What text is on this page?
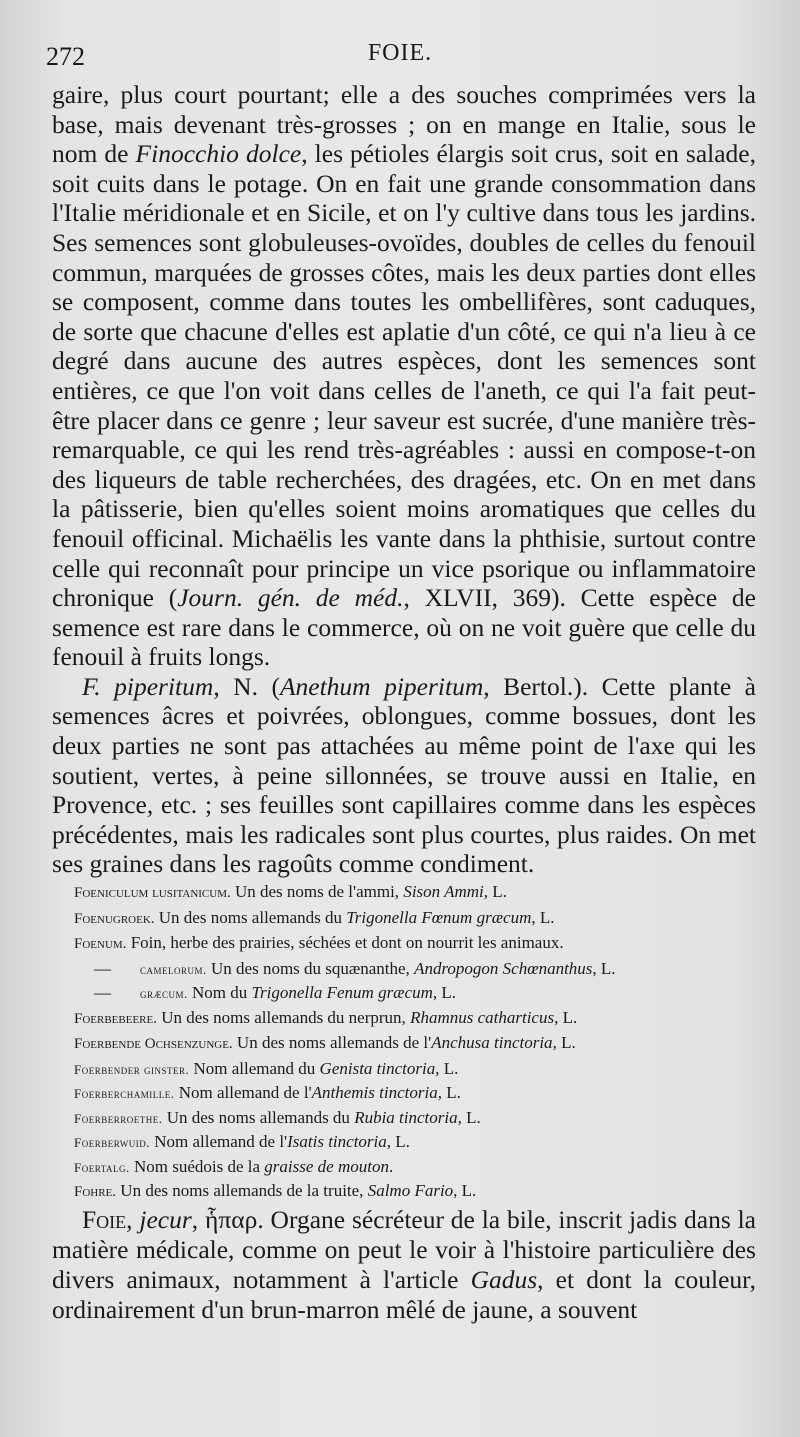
272	FOIE.

gaire, plus court pourtant; elle a des souches comprimées vers la base, mais devenant très-grosses ; on en mange en Italie, sous le nom de Finocchio dolce, les pétioles élargis soit crus, soit en salade, soit cuits dans le potage. On en fait une grande consommation dans l'Italie méridionale et en Sicile, et on l'y cultive dans tous les jardins. Ses semences sont globuleuses-ovoïdes, doubles de celles du fenouil commun, marquées de grosses côtes, mais les deux parties dont elles se composent, comme dans toutes les ombellifères, sont caduques, de sorte que chacune d'elles est aplatie d'un côté, ce qui n'a lieu à ce degré dans aucune des autres espèces, dont les semences sont entières, ce que l'on voit dans celles de l'aneth, ce qui l'a fait peut-être placer dans ce genre ; leur saveur est sucrée, d'une manière très-remarquable, ce qui les rend très-agréables : aussi en compose-t-on des liqueurs de table recherchées, des dragées, etc. On en met dans la pâtisserie, bien qu'elles soient moins aromatiques que celles du fenouil officinal. Michaëlis les vante dans la phthisie, surtout contre celle qui reconnaît pour principe un vice psorique ou inflammatoire chronique (Journ. gén. de méd., XLVII, 369). Cette espèce de semence est rare dans le commerce, où on ne voit guère que celle du fenouil à fruits longs.

F. piperitum, N. (Anethum piperitum, Bertol.). Cette plante à semences âcres et poivrées, oblongues, comme bossues, dont les deux parties ne sont pas attachées au même point de l'axe qui les soutient, vertes, à peine sillonnées, se trouve aussi en Italie, en Provence, etc. ; ses feuilles sont capillaires comme dans les espèces précédentes, mais les radicales sont plus courtes, plus raides. On met ses graines dans les ragoûts comme condiment.

Foeniculum lusitanicum. Un des noms de l'ammi, Sison Ammi, L.
Foenugroek. Un des noms allemands du Trigonella Fœnum græcum, L.
Foenum. Foin, herbe des prairies, séchées et dont on nourrit les animaux.
— camelorum. Un des noms du squænanthe, Andropogon Schœnanthus, L.
— græcum. Nom du Trigonella Fenum græcum, L.
Foerbebeere. Un des noms allemands du nerprun, Rhamnus catharticus, L.
Foerbende Ochsenzunge. Un des noms allemands de l'Anchusa tinctoria, L.
Foerbender ginster. Nom allemand du Genista tinctoria, L.
Foerberchamille. Nom allemand de l'Anthemis tinctoria, L.
Foerberroethe. Un des noms allemands du Rubia tinctoria, L.
Foerberwuid. Nom allemand de l'Isatis tinctoria, L.
Foertalg. Nom suédois de la graisse de mouton.
Fohre. Un des noms allemands de la truite, Salmo Fario, L.

Foie, jecur, ἧπαρ. Organe sécréteur de la bile, inscrit jadis dans la matière médicale, comme on peut le voir à l'histoire particulière des divers animaux, notamment à l'article Gadus, et dont la couleur, ordinairement d'un brun-marron mêlé de jaune, a souvent
